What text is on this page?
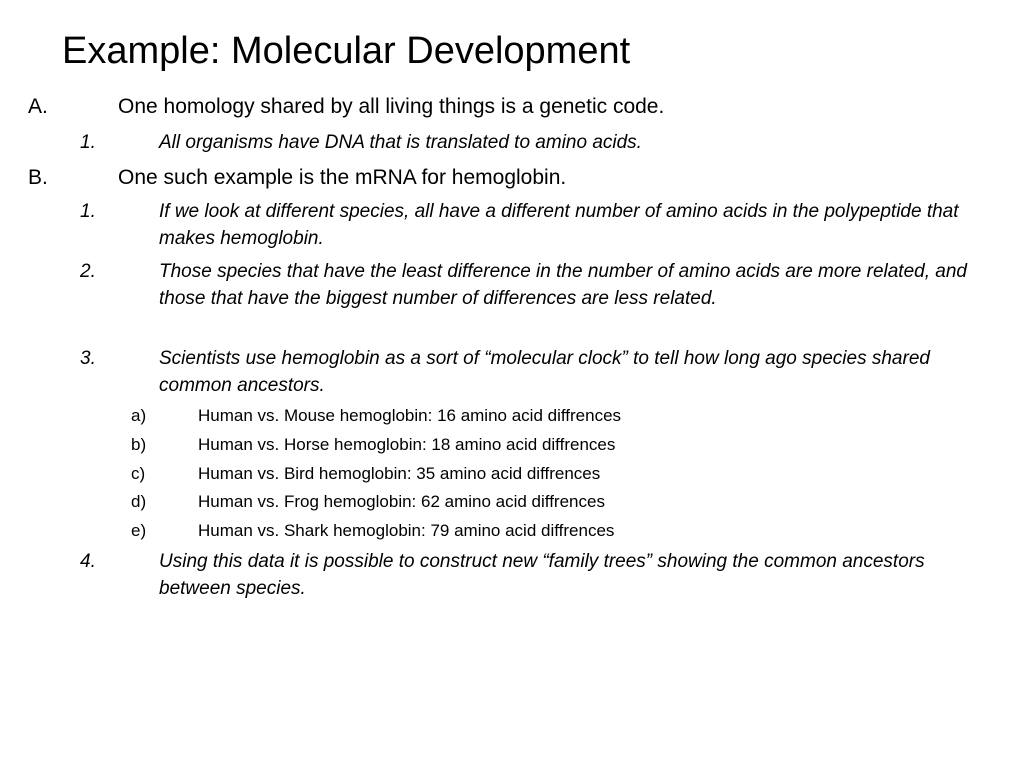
Example: Molecular Development
A.	One homology shared by all living things is a genetic code.
1.	All organisms have DNA that is translated to amino acids.
B.	One such example is the mRNA for hemoglobin.
1.	If we look at different species, all have a different number of amino acids in the polypeptide that makes hemoglobin.
2.	Those species that have the least difference in the number of amino acids are more related, and those that have the biggest number of differences are less related.
3.	Scientists use hemoglobin as a sort of “molecular clock” to tell how long ago species shared common ancestors.
a)	Human vs. Mouse hemoglobin: 16 amino acid diffrences
b)	Human vs. Horse hemoglobin: 18 amino acid diffrences
c)	Human vs. Bird hemoglobin: 35 amino acid diffrences
d)	Human vs. Frog hemoglobin: 62 amino acid diffrences
e)	Human vs. Shark hemoglobin: 79 amino acid diffrences
4.	Using this data it is possible to construct new “family trees” showing the common ancestors between species.
